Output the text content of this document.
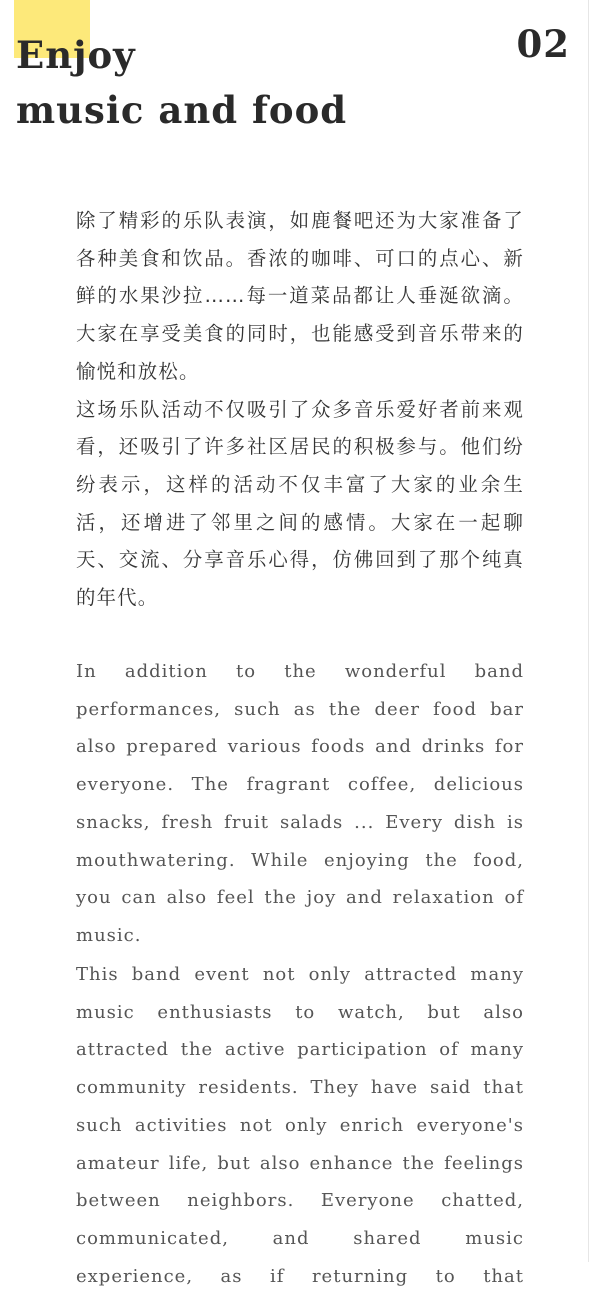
Enjoy
music and food
02

除了精彩的乐队表演，如鹿餐吧还为大家准备了各种美食和饮品。香浓的咖啡、可口的点心、新鲜的水果沙拉……每一道菜品都让人垂涎欲滴。大家在享受美食的同时，也能感受到音乐带来的愉悦和放松。

这场乐队活动不仅吸引了众多音乐爱好者前来观看，还吸引了许多社区居民的积极参与。他们纷纷表示，这样的活动不仅丰富了大家的业余生活，还增进了邻里之间的感情。大家在一起聊天、交流、分享音乐心得，仿佛回到了那个纯真的年代。

In addition to the wonderful band performances, such as the deer food bar also prepared various foods and drinks for everyone. The fragrant coffee, delicious snacks, fresh fruit salads ... Every dish is mouthwatering. While enjoying the food, you can also feel the joy and relaxation of music.

This band event not only attracted many music enthusiasts to watch, but also attracted the active participation of many community residents. They have said that such activities not only enrich everyone's amateur life, but also enhance the feelings between neighbors. Everyone chatted, communicated, and shared music experience, as if returning to that
